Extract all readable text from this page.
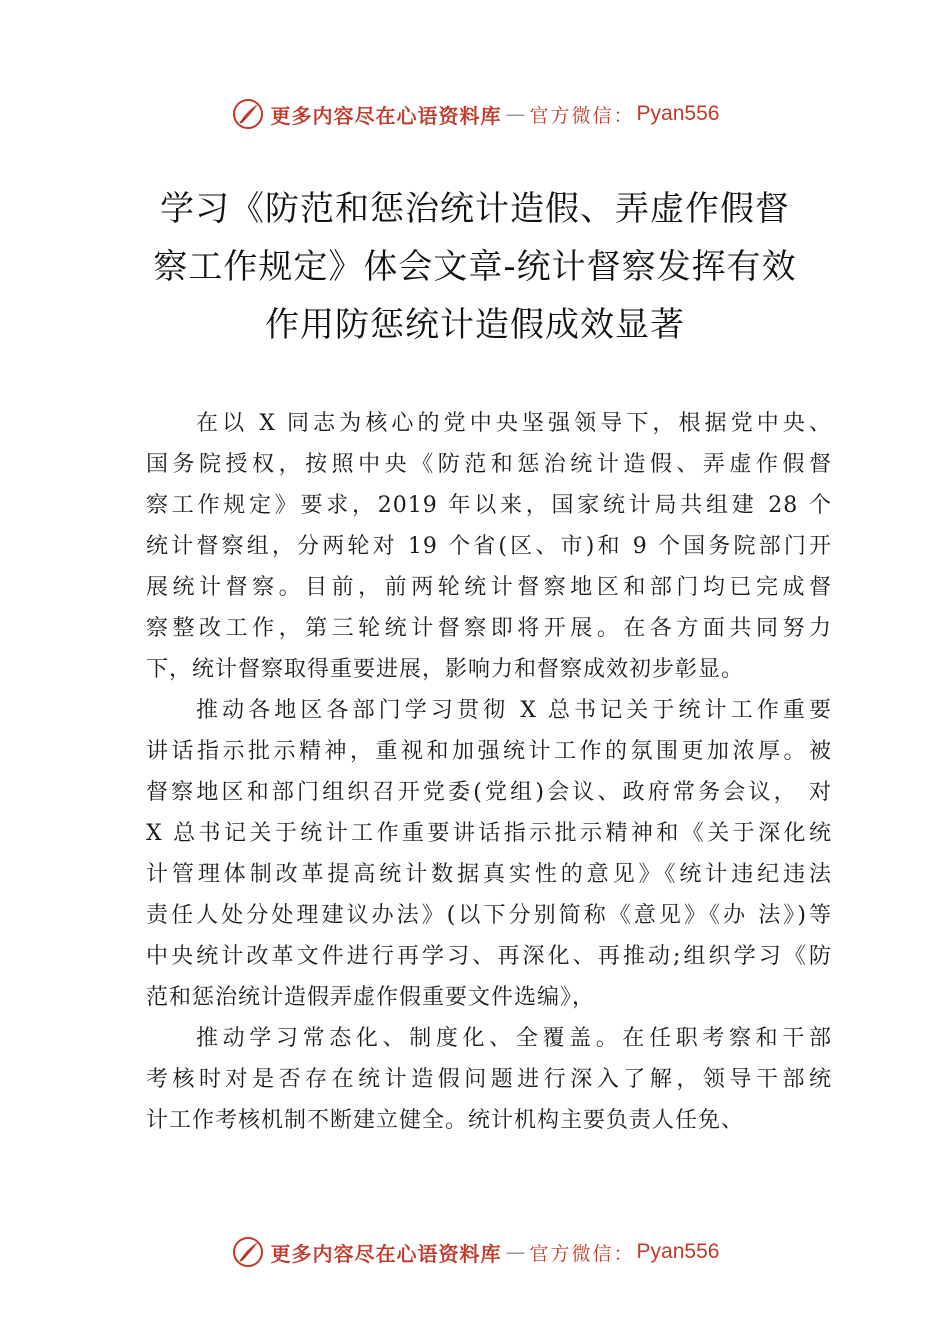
更多内容尽在心语资料库 — 官方微信： Pyan556
学习《防范和惩治统计造假、弄虚作假督
察工作规定》体会文章-统计督察发挥有效
作用防惩统计造假成效显著
在以 X 同志为核心的党中央坚强领导下，根据党中央、
国务院授权，按照中央《防范和惩治统计造假、弄虚作假督
察工作规定》要求，2019 年以来，国家统计局共组建 28 个
统计督察组，分两轮对 19 个省(区、市)和 9 个国务院部门开
展统计督察。目前，前两轮统计督察地区和部门均已完成督
察整改工作，第三轮统计督察即将开展。在各方面共同努力
下，统计督察取得重要进展，影响力和督察成效初步彰显。
推动各地区各部门学习贯彻 X 总书记关于统计工作重要
讲话指示批示精神，重视和加强统计工作的氛围更加浓厚。被
督察地区和部门组织召开党委(党组)会议、政府常务会议， 对
X 总书记关于统计工作重要讲话指示批示精神和《关于深化统
计管理体制改革提高统计数据真实性的意见》《统计违纪违法
责任人处分处理建议办法》(以下分别简称《意见》《办 法》)等
中央统计改革文件进行再学习、再深化、再推动;组织学习《防
范和惩治统计造假弄虚作假重要文件选编》，
推动学习常态化、制度化、全覆盖。在任职考察和干部
考核时对是否存在统计造假问题进行深入了解，领导干部统
计工作考核机制不断建立健全。统计机构主要负责人任免、
更多内容尽在心语资料库 — 官方微信： Pyan556
